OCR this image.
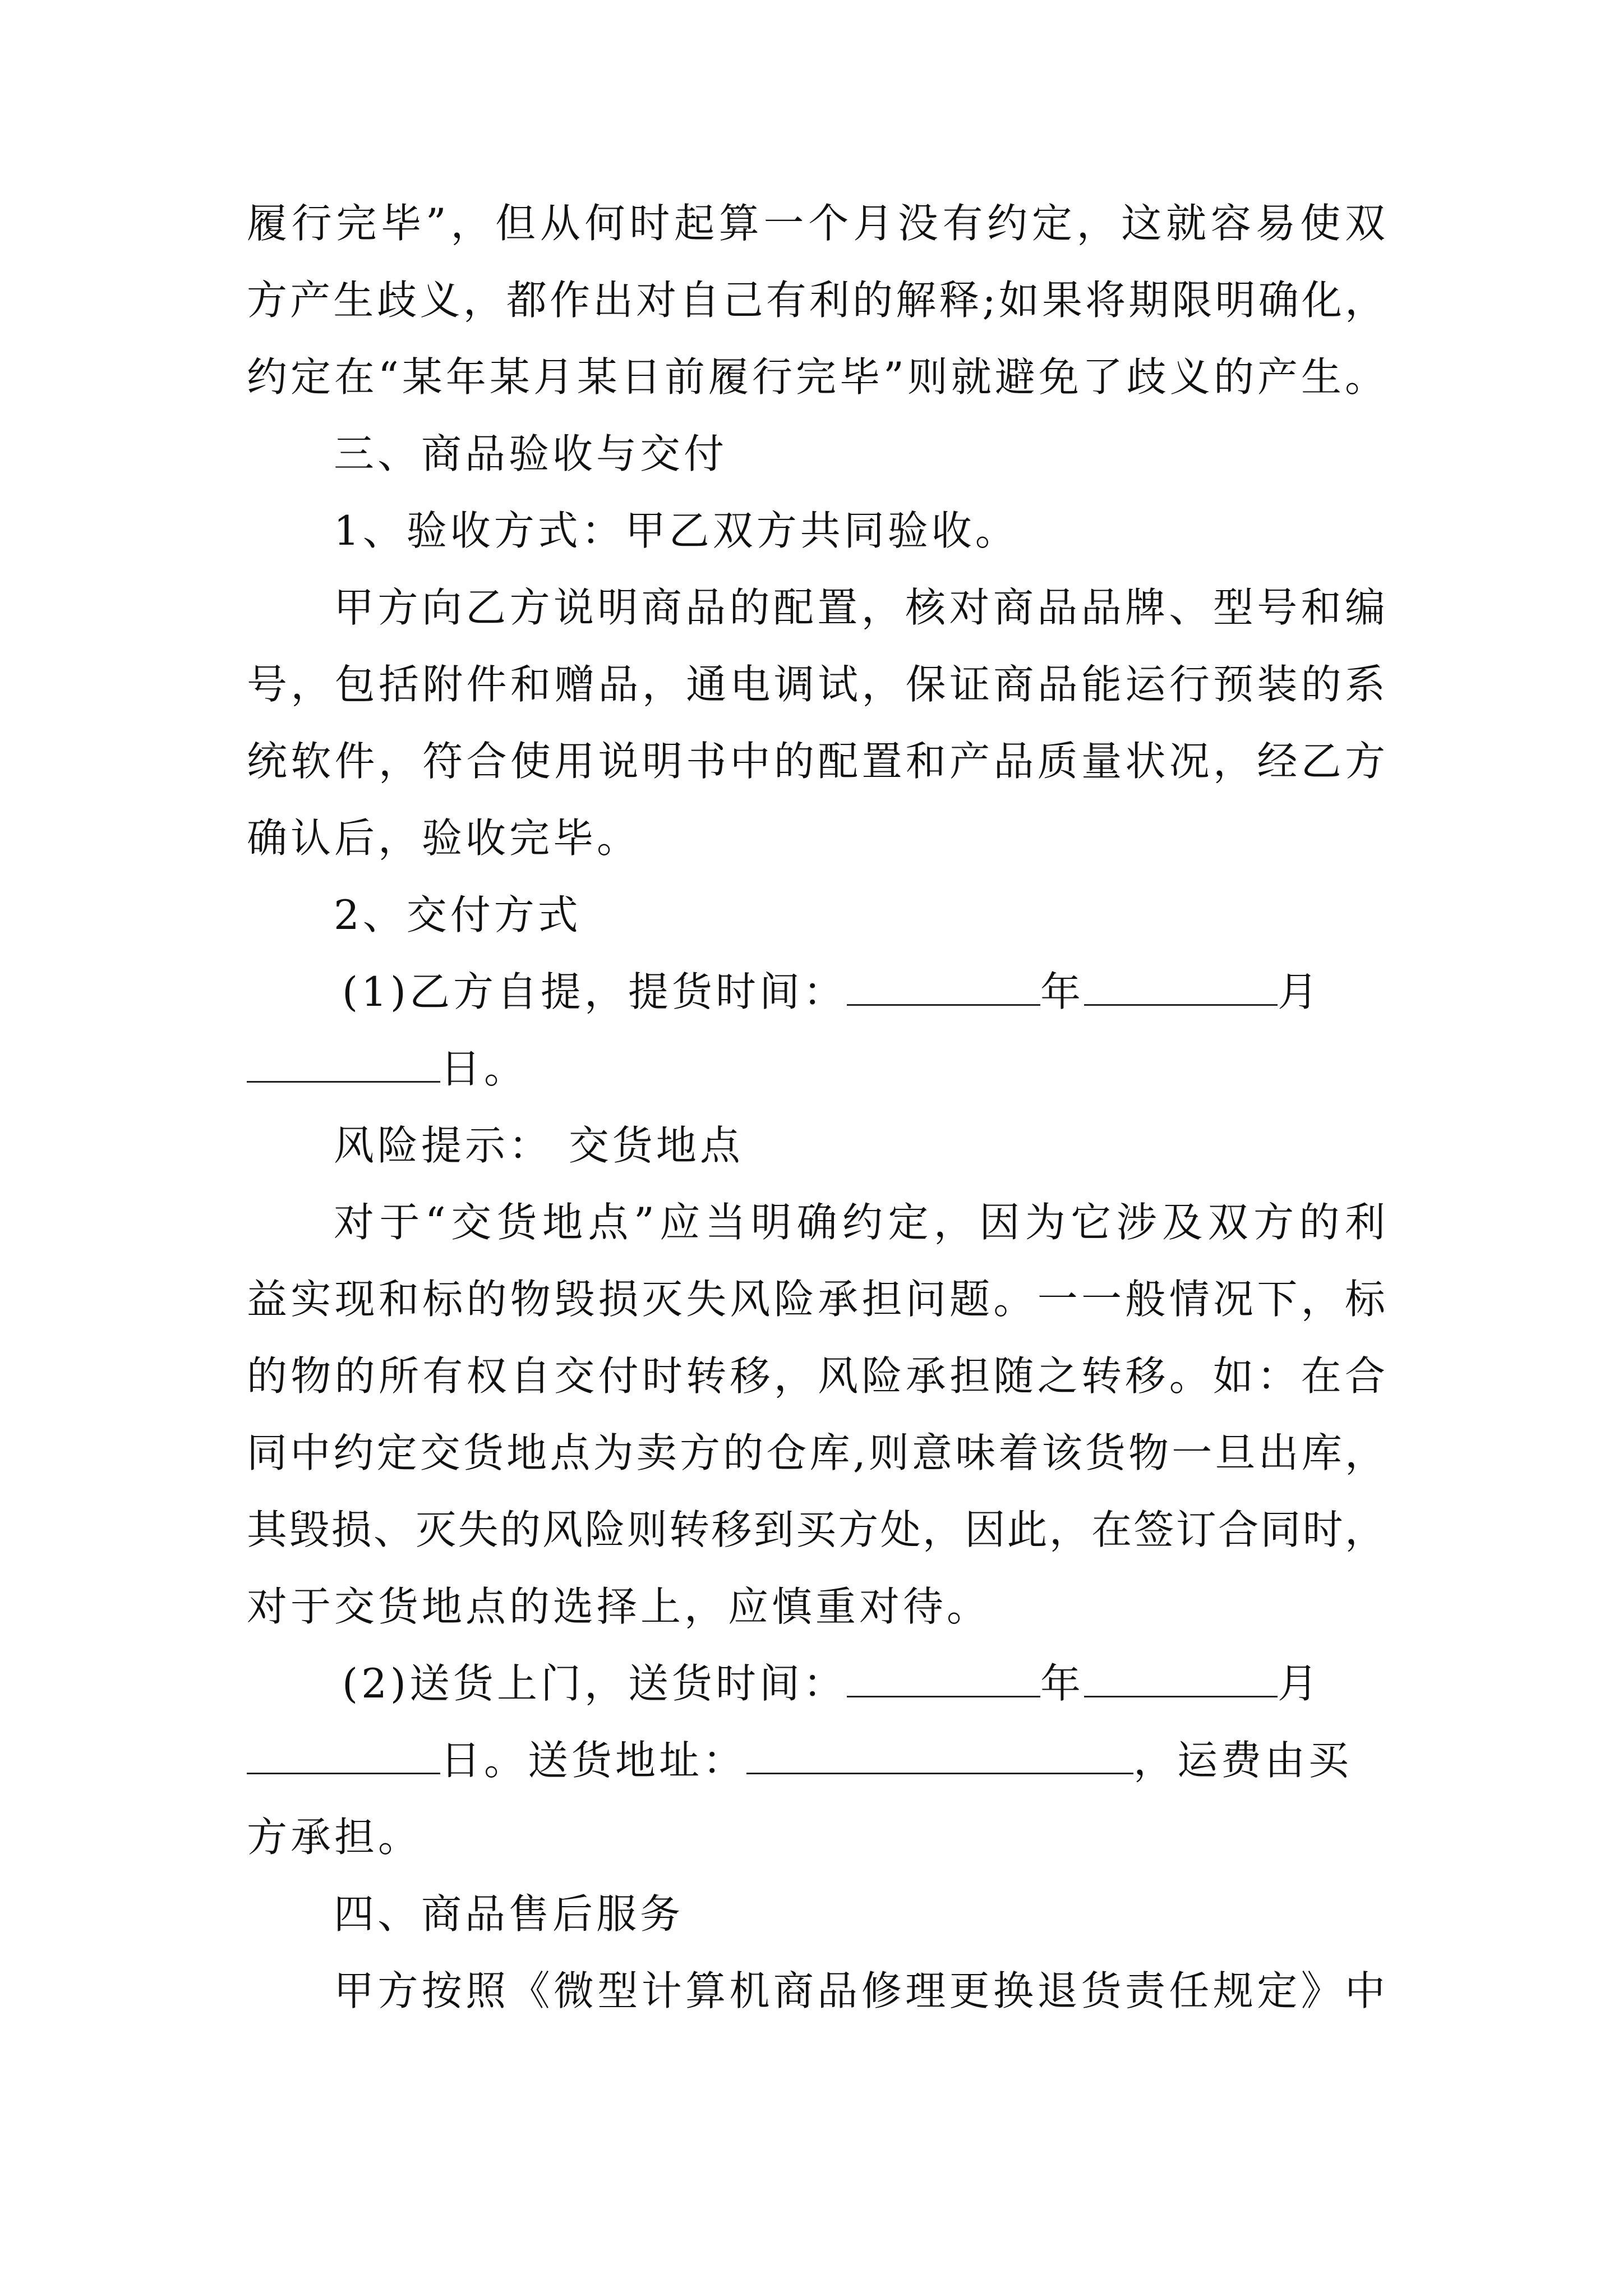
履行完毕”，但从何时起算一个月没有约定，这就容易使双
方产生歧义，都作出对自己有利的解释;如果将期限明确化，
约定在“某年某月某日前履行完毕”则就避免了歧义的产生。
三、商品验收与交付
1、验收方式：甲乙双方共同验收。
甲方向乙方说明商品的配置，核对商品品牌、型号和编
号，包括附件和赠品，通电调试，保证商品能运行预装的系
统软件，符合使用说明书中的配置和产品质量状况，经乙方
确认后，验收完毕。
2、交付方式
(1)乙方自提，提货时间：	年	月
日。
风险提示： 交货地点
对于“交货地点”应当明确约定，因为它涉及双方的利
益实现和标的物毁损灭失风险承担问题。一一般情况下，标
的物的所有权自交付时转移，风险承担随之转移。如：在合
同中约定交货地点为卖方的仓库,则意味着该货物一旦出库，
其毁损、灭失的风险则转移到买方处，因此，在签订合同时，
对于交货地点的选择上，应慎重对待。
(2)送货上门，送货时间：	年	月
日。送货地址：	，运费由买
方承担。
四、商品售后服务
甲方按照《微型计算机商品修理更换退货责任规定》中
